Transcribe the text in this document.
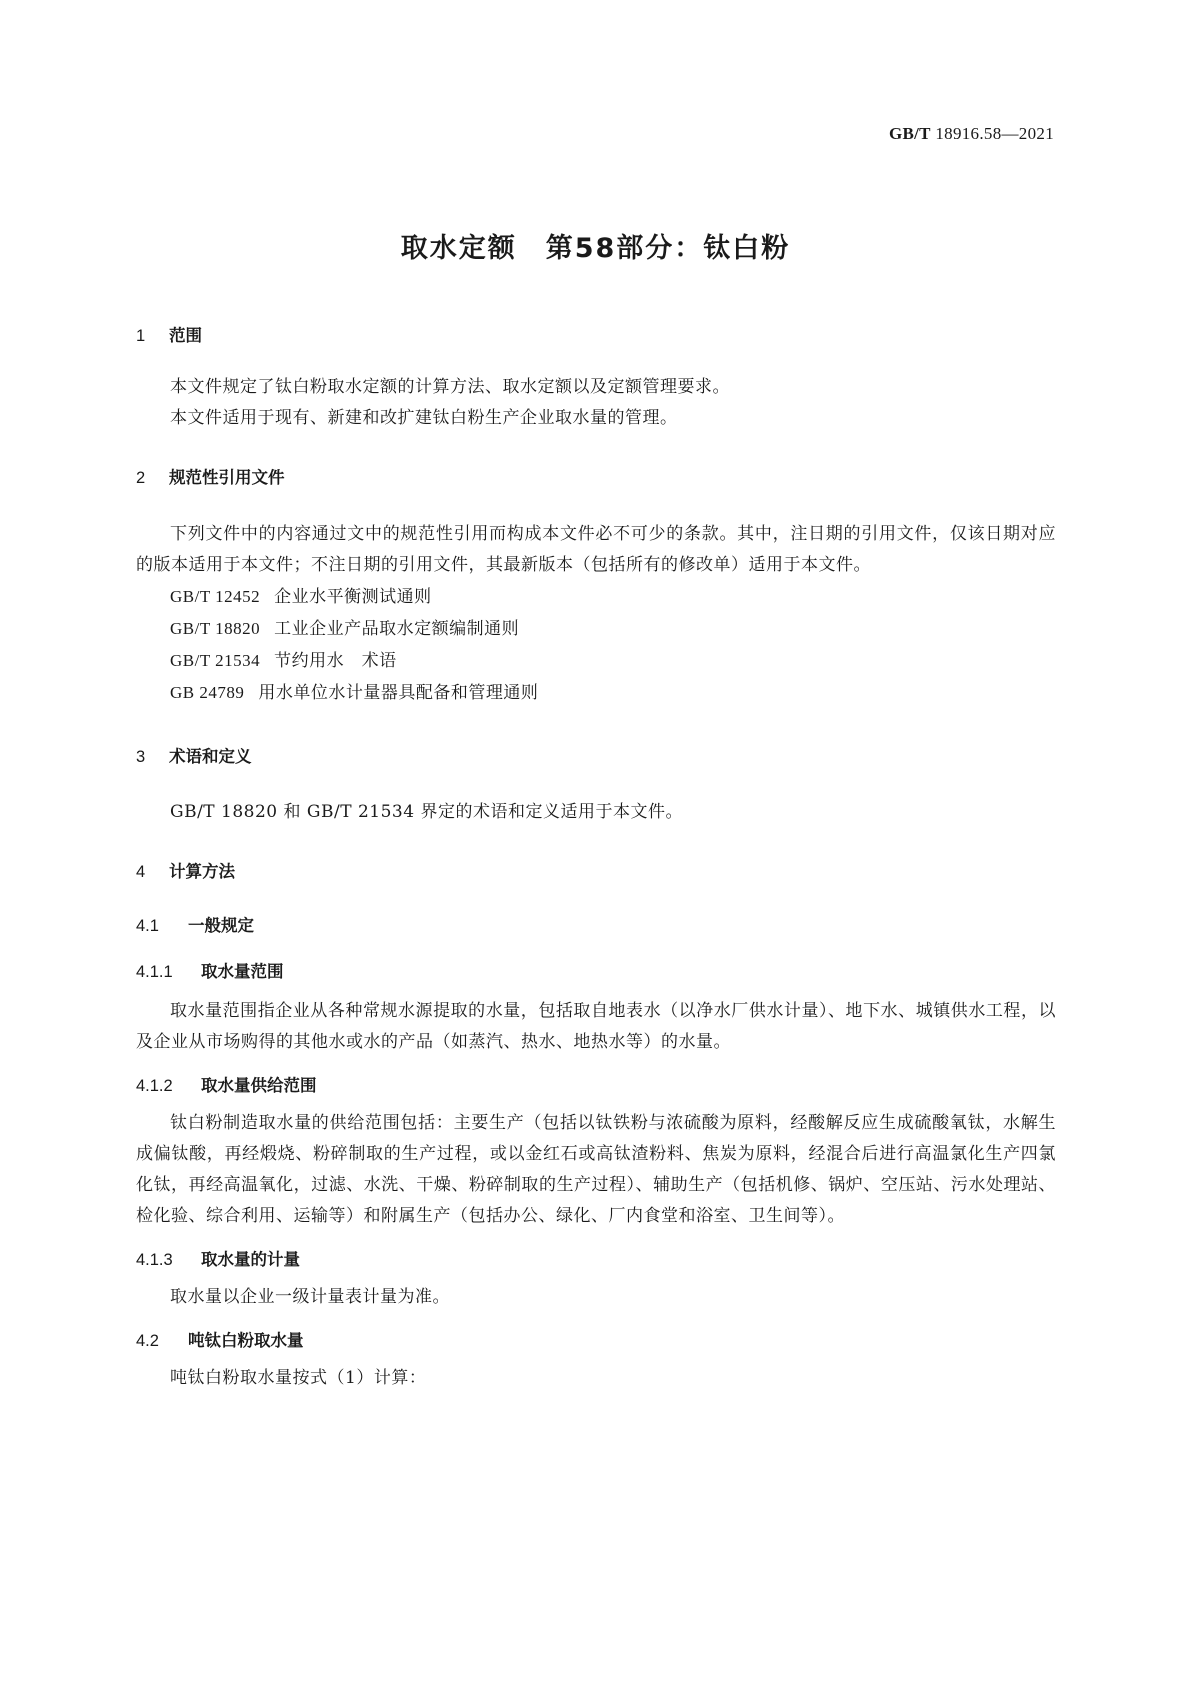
GB/T 18916.58—2021
取水定额　第58部分：钛白粉
1	范围

本文件规定了钛白粉取水定额的计算方法、取水定额以及定额管理要求。

本文件适用于现有、新建和改扩建钛白粉生产企业取水量的管理。

2	规范性引用文件

下列文件中的内容通过文中的规范性引用而构成本文件必不可少的条款。其中，注日期的引用文件，仅该日期对应的版本适用于本文件；不注日期的引用文件，其最新版本（包括所有的修改单）适用于本文件。

GB/T 12452 企业水平衡测试通则
GB/T 18820 工业企业产品取水定额编制通则
GB/T 21534 节约用水　术语
GB 24789 用水单位水计量器具配备和管理通则
3	术语和定义

GB/T 18820 和 GB/T 21534 界定的术语和定义适用于本文件。

4	计算方法
4.1	一般规定
4.1.1	取水量范围

取水量范围指企业从各种常规水源提取的水量，包括取自地表水（以净水厂供水计量）、地下水、城镇供水工程，以及企业从市场购得的其他水或水的产品（如蒸汽、热水、地热水等）的水量。

4.1.2	取水量供给范围

钛白粉制造取水量的供给范围包括：主要生产（包括以钛铁粉与浓硫酸为原料，经酸解反应生成硫酸氧钛，水解生成偏钛酸，再经煅烧、粉碎制取的生产过程，或以金红石或高钛渣粉料、焦炭为原料，经混合后进行高温氯化生产四氯化钛，再经高温氧化，过滤、水洗、干燥、粉碎制取的生产过程）、辅助生产（包括机修、锅炉、空压站、污水处理站、检化验、综合利用、运输等）和附属生产（包括办公、绿化、厂内食堂和浴室、卫生间等）。

4.1.3	取水量的计量

取水量以企业一级计量表计量为准。

4.2	吨钛白粉取水量

吨钛白粉取水量按式（1）计算：
